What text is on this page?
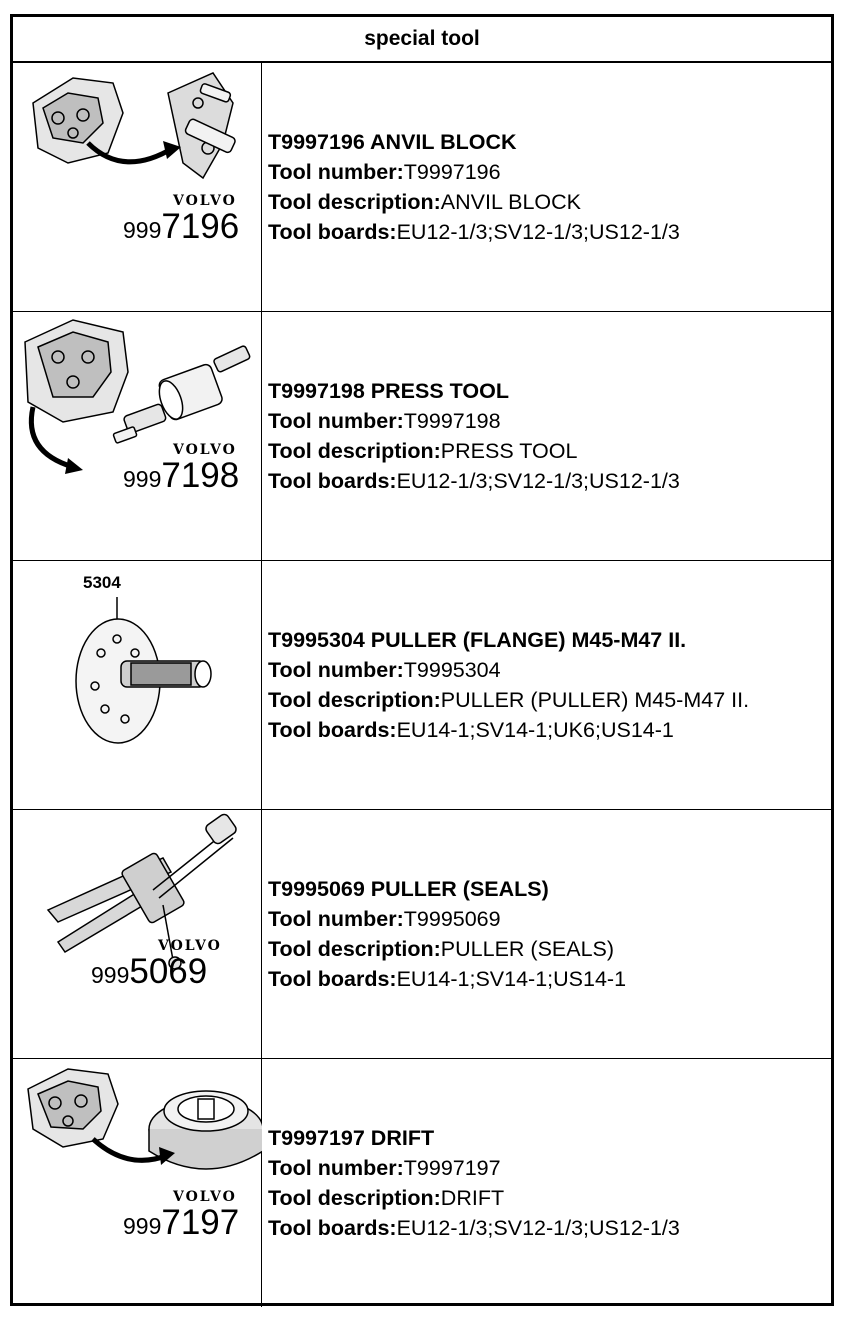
special tool
VOLVO
9997196
T9997196 ANVIL BLOCK
Tool number:T9997196
Tool description:ANVIL BLOCK
Tool boards:EU12-1/3;SV12-1/3;US12-1/3
VOLVO
9997198
T9997198 PRESS TOOL
Tool number:T9997198
Tool description:PRESS TOOL
Tool boards:EU12-1/3;SV12-1/3;US12-1/3
5304
T9995304 PULLER (FLANGE) M45-M47 II.
Tool number:T9995304
Tool description:PULLER (PULLER) M45-M47 II.
Tool boards:EU14-1;SV14-1;UK6;US14-1
VOLVO
9995069
T9995069 PULLER (SEALS)
Tool number:T9995069
Tool description:PULLER (SEALS)
Tool boards:EU14-1;SV14-1;US14-1
VOLVO
9997197
T9997197 DRIFT
Tool number:T9997197
Tool description:DRIFT
Tool boards:EU12-1/3;SV12-1/3;US12-1/3
